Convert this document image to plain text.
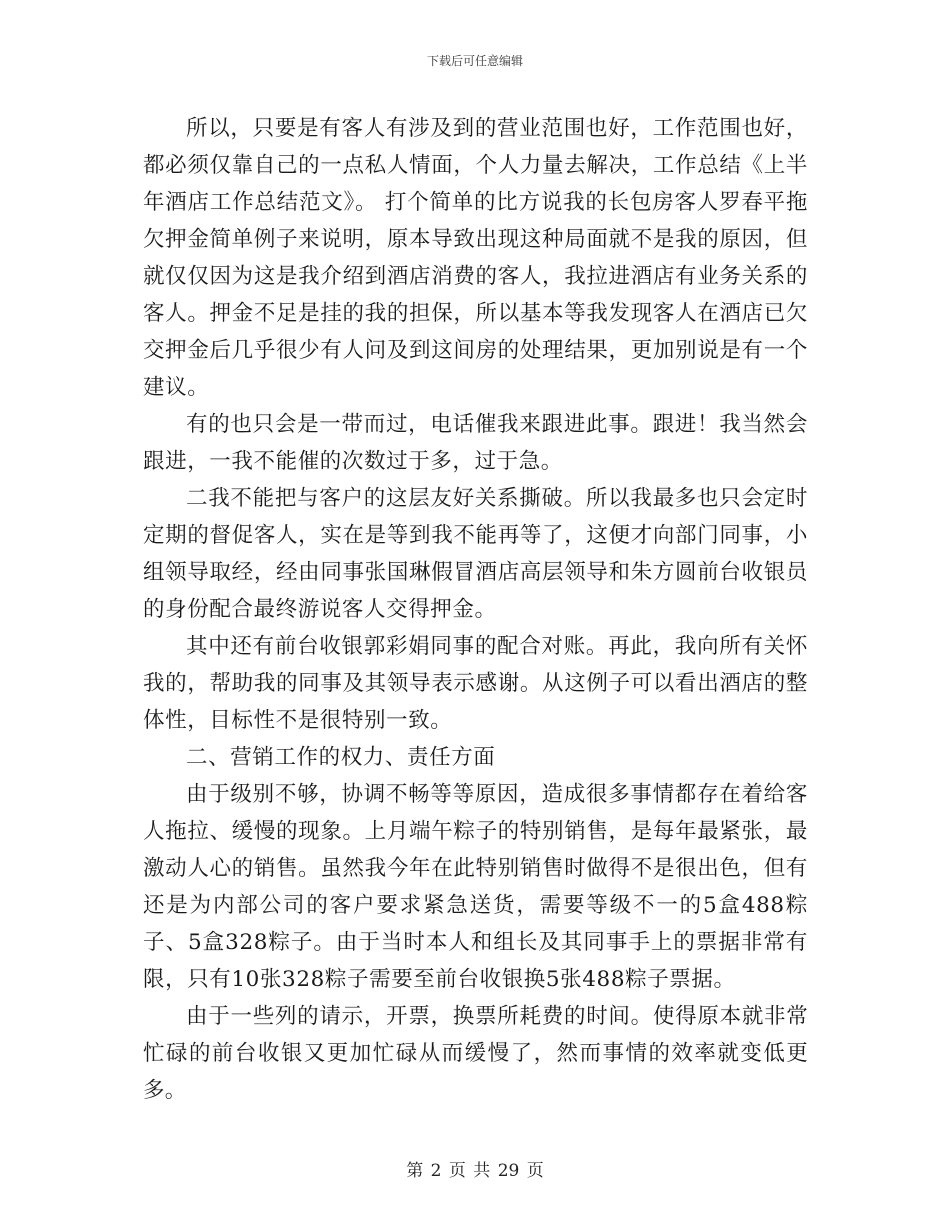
下载后可任意编辑

所以，只要是有客人有涉及到的营业范围也好，工作范围也好，都必须仅靠自己的一点私人情面，个人力量去解决，工作总结《上半年酒店工作总结范文》。 打个简单的比方说我的长包房客人罗春平拖欠押金简单例子来说明，原本导致出现这种局面就不是我的原因，但就仅仅因为这是我介绍到酒店消费的客人，我拉进酒店有业务关系的客人。押金不足是挂的我的担保，所以基本等我发现客人在酒店已欠交押金后几乎很少有人问及到这间房的处理结果，更加别说是有一个建议。

有的也只会是一带而过，电话催我来跟进此事。跟进！我当然会跟进，一我不能催的次数过于多，过于急。

二我不能把与客户的这层友好关系撕破。所以我最多也只会定时定期的督促客人，实在是等到我不能再等了，这便才向部门同事，小组领导取经，经由同事张国琳假冒酒店高层领导和朱方圆前台收银员的身份配合最终游说客人交得押金。

其中还有前台收银郭彩娟同事的配合对账。再此，我向所有关怀我的，帮助我的同事及其领导表示感谢。从这例子可以看出酒店的整体性，目标性不是很特别一致。

二、营销工作的权力、责任方面

由于级别不够，协调不畅等等原因，造成很多事情都存在着给客人拖拉、缓慢的现象。上月端午粽子的特别销售，是每年最紧张，最激动人心的销售。虽然我今年在此特别销售时做得不是很出色，但有还是为内部公司的客户要求紧急送货，需要等级不一的5盒488粽子、5盒328粽子。由于当时本人和组长及其同事手上的票据非常有限，只有10张328粽子需要至前台收银换5张488粽子票据。

由于一些列的请示，开票，换票所耗费的时间。使得原本就非常忙碌的前台收银又更加忙碌从而缓慢了，然而事情的效率就变低更多。

第 2 页 共 29 页
